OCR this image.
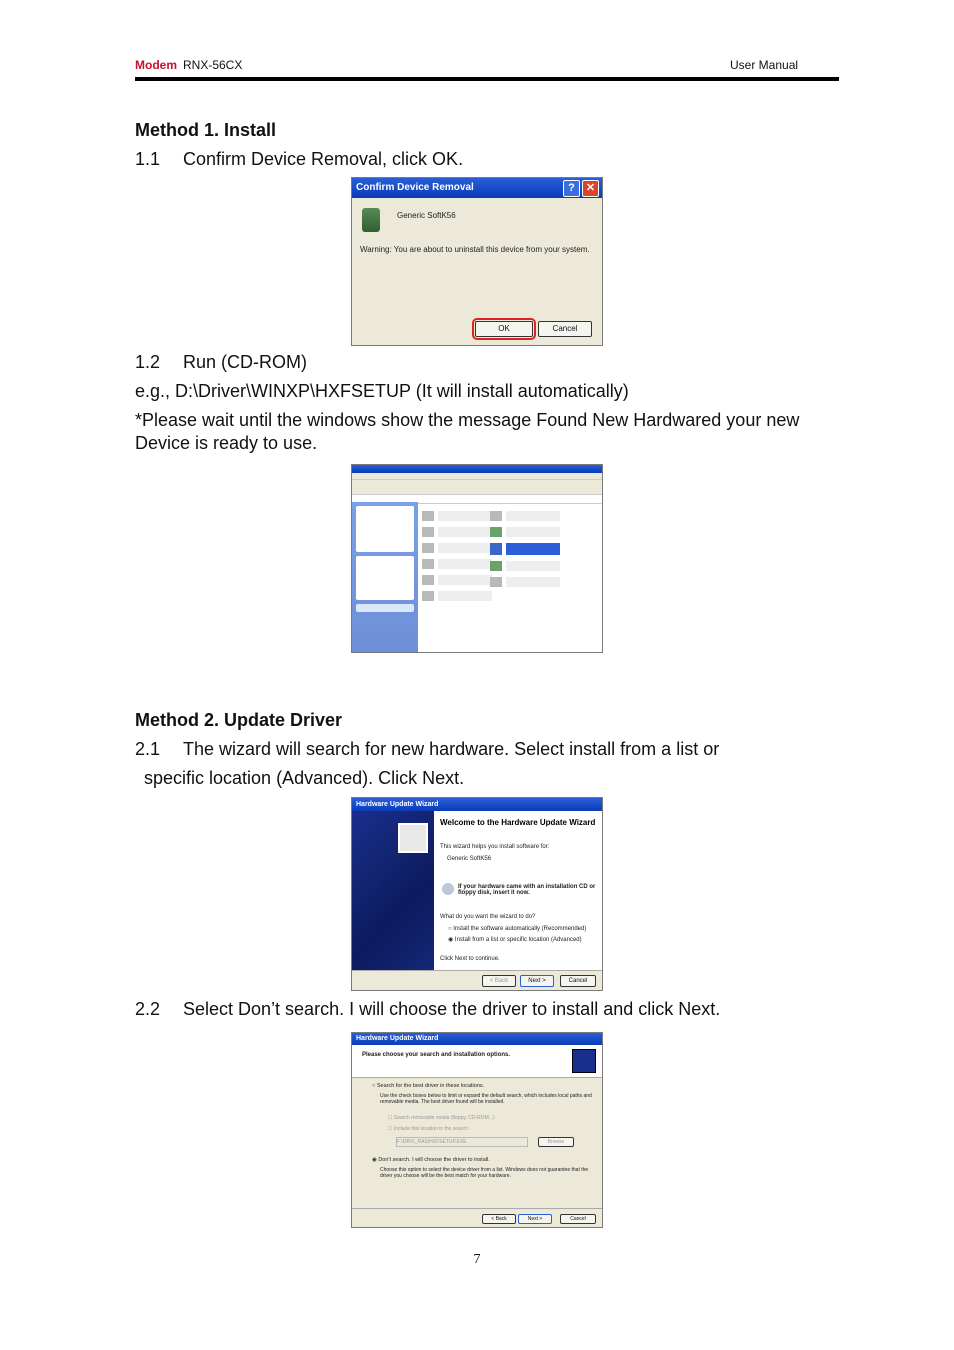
Modem RNX-56CX	User Manual
Method 1. Install
1.1 Confirm Device Removal, click OK.
Confirm Device Removal	?	✕
Generic SoftK56
Warning: You are about to uninstall this device from your system.
OK	Cancel
1.2 Run (CD-ROM)
e.g., D:\Driver\WINXP\HXFSETUP (It will install automatically)
*Please wait until the windows show the message Found New Hardwared your new Device is ready to use.
Method 2. Update Driver
2.1 The wizard will search for new hardware. Select install from a list or
specific location (Advanced). Click Next.
Hardware Update Wizard
Welcome to the Hardware Update Wizard
This wizard helps you install software for:
Generic SoftK56
If your hardware came with an installation CD or floppy disk, insert it now.
What do you want the wizard to do?
○ Install the software automatically (Recommended)
◉ Install from a list or specific location (Advanced)
Click Next to continue.
< Back	Next >	Cancel
2.2 Select Don’t search. I will choose the driver to install and click Next.
Hardware Update Wizard
Please choose your search and installation options.
○ Search for the best driver in these locations.
Use the check boxes below to limit or expand the default search, which includes local paths and removable media. The best driver found will be installed.
☐ Search removable media (floppy, CD-ROM...)
☐ Include this location in the search:
F:\DRV\_RAS\HXFSETUP.EXE	Browse
◉ Don't search. I will choose the driver to install.
Choose this option to select the device driver from a list. Windows does not guarantee that the driver you choose will be the best match for your hardware.
< Back	Next >	Cancel
7
